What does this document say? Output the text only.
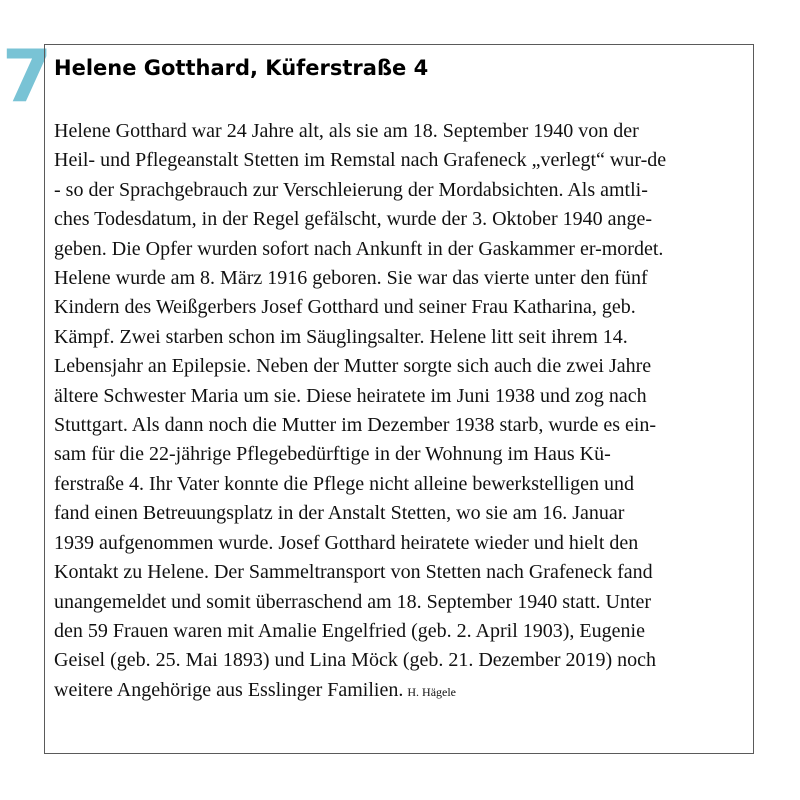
7 Helene Gotthard, Küferstraße 4
Helene Gotthard war 24 Jahre alt, als sie am 18. September 1940 von der
Heil- und Pflegeanstalt Stetten im Remstal nach Grafeneck „verlegt“ wur-de
- so der Sprachgebrauch zur Verschleierung der Mordabsichten. Als amtli-
ches Todesdatum, in der Regel gefälscht, wurde der 3. Oktober 1940 ange-
geben. Die Opfer wurden sofort nach Ankunft in der Gaskammer er-mordet.
Helene wurde am 8. März 1916 geboren. Sie war das vierte unter den fünf
Kindern des Weißgerbers Josef Gotthard und seiner Frau Katharina, geb.
Kämpf. Zwei starben schon im Säuglingsalter. Helene litt seit ihrem 14.
Lebensjahr an Epilepsie. Neben der Mutter sorgte sich auch die zwei Jahre
ältere Schwester Maria um sie. Diese heiratete im Juni 1938 und zog nach
Stuttgart. Als dann noch die Mutter im Dezember 1938 starb, wurde es ein-
sam für die 22-jährige Pflegebedürftige in der Wohnung im Haus Kü-
ferstraße 4. Ihr Vater konnte die Pflege nicht alleine bewerkstelligen und
fand einen Betreuungsplatz in der Anstalt Stetten, wo sie am 16. Januar
1939 aufgenommen wurde. Josef Gotthard heiratete wieder und hielt den
Kontakt zu Helene. Der Sammeltransport von Stetten nach Grafeneck fand
unangemeldet und somit überraschend am 18. September 1940 statt. Unter
den 59 Frauen waren mit Amalie Engelfried (geb. 2. April 1903), Eugenie
Geisel (geb. 25. Mai 1893) und Lina Möck (geb. 21. Dezember 2019) noch
weitere Angehörige aus Esslinger Familien. H. Hägele
